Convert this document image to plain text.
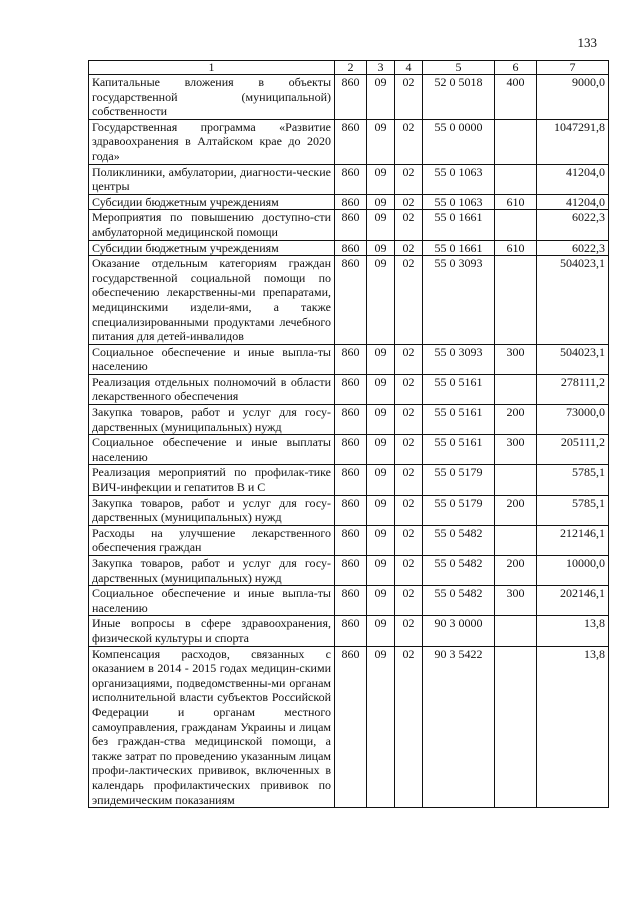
133
1	2	3	4	5	6	7
Капитальные вложения в объекты государственной (муниципальной) собственности	860	09	02	52 0 5018	400	9000,0
Государственная программа «Развитие здравоохранения в Алтайском крае до 2020 года»	860	09	02	55 0 0000		1047291,8
Поликлиники, амбулатории, диагности-ческие центры	860	09	02	55 0 1063		41204,0
Субсидии бюджетным учреждениям	860	09	02	55 0 1063	610	41204,0
Мероприятия по повышению доступно-сти амбулаторной медицинской помощи	860	09	02	55 0 1661		6022,3
Субсидии бюджетным учреждениям	860	09	02	55 0 1661	610	6022,3
Оказание отдельным категориям граждан государственной социальной помощи по обеспечению лекарственны-ми препаратами, медицинскими издели-ями, а также специализированными продуктами лечебного питания для детей-инвалидов	860	09	02	55 0 3093		504023,1
Социальное обеспечение и иные выпла-ты населению	860	09	02	55 0 3093	300	504023,1
Реализация отдельных полномочий в области лекарственного обеспечения	860	09	02	55 0 5161		278111,2
Закупка товаров, работ и услуг для госу-дарственных (муниципальных) нужд	860	09	02	55 0 5161	200	73000,0
Социальное обеспечение и иные выплаты населению	860	09	02	55 0 5161	300	205111,2
Реализация мероприятий по профилак-тике ВИЧ-инфекции и гепатитов В и С	860	09	02	55 0 5179		5785,1
Закупка товаров, работ и услуг для госу-дарственных (муниципальных) нужд	860	09	02	55 0 5179	200	5785,1
Расходы на улучшение лекарственного обеспечения граждан	860	09	02	55 0 5482		212146,1
Закупка товаров, работ и услуг для госу-дарственных (муниципальных) нужд	860	09	02	55 0 5482	200	10000,0
Социальное обеспечение и иные выпла-ты населению	860	09	02	55 0 5482	300	202146,1
Иные вопросы в сфере здравоохранения, физической культуры и спорта	860	09	02	90 3 0000		13,8
Компенсация расходов, связанных с оказанием в 2014 - 2015 годах медицин-скими организациями, подведомственны-ми органам исполнительной власти субъектов Российской Федерации и органам местного самоуправления, гражданам Украины и лицам без граждан-ства медицинской помощи, а также затрат по проведению указанным лицам профи-лактических прививок, включенных в календарь профилактических прививок по эпидемическим показаниям	860	09	02	90 3 5422		13,8
